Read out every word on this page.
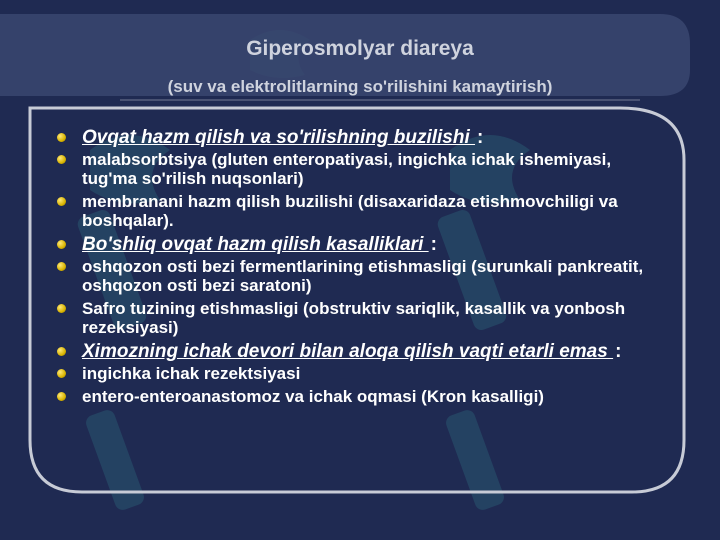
Giperosmolyar diareya
(suv va elektrolitlarning so'rilishini kamaytirish)
Ovqat hazm qilish va so'rilishning buzilishi :
malabsorbtsiya (gluten enteropatiyasi, ingichka ichak ishemiyasi, tug'ma so'rilish nuqsonlari)
membranani hazm qilish buzilishi (disaxaridaza etishmovchiligi va boshqalar).
Bo'shliq ovqat hazm qilish kasalliklari :
oshqozon osti bezi fermentlarining etishmasligi (surunkali pankreatit, oshqozon osti bezi saratoni)
Safro tuzining etishmasligi (obstruktiv sariqlik, kasallik va yonbosh rezeksiyasi)
Ximozning ichak devori bilan aloqa qilish vaqti etarli emas :
ingichka ichak rezektsiyasi
entero-enteroanastomoz va ichak oqmasi (Kron kasalligi)
